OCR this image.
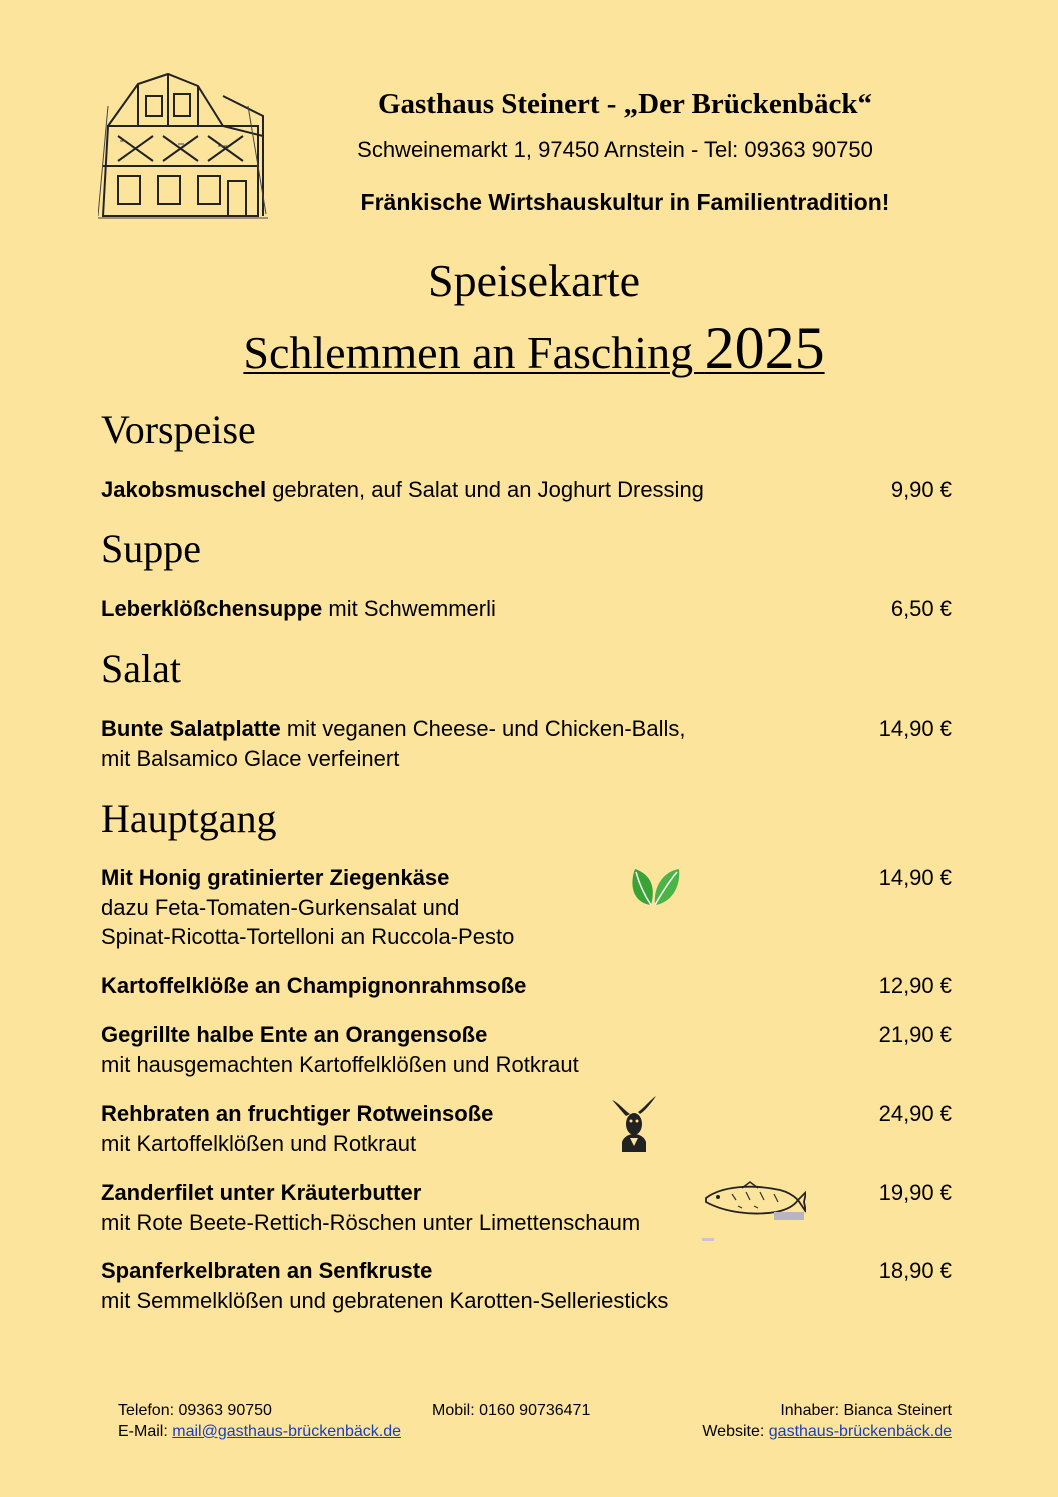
Gasthaus Steinert - „Der Brückenbäck“
Schweinemarkt 1, 97450 Arnstein - Tel: 09363 90750
Fränkische Wirtshauskultur in Familientradition!
Speisekarte
Schlemmen an Fasching 2025
Vorspeise
Jakobsmuschel gebraten, auf Salat und an Joghurt Dressing	9,90 €
Suppe
Leberklößchensuppe mit Schwemmerli	6,50 €
Salat
Bunte Salatplatte mit veganen Cheese- und Chicken-Balls,
mit Balsamico Glace verfeinert
14,90 €
Hauptgang
Mit Honig gratinierter Ziegenkäse
dazu Feta-Tomaten-Gurkensalat und
Spinat-Ricotta-Tortelloni an Ruccola-Pesto
14,90 €
Kartoffelklöße an Champignonrahmsoße	12,90 €
Gegrillte halbe Ente an Orangensoße
mit hausgemachten Kartoffelklößen und Rotkraut
21,90 €
Rehbraten an fruchtiger Rotweinsoße
mit Kartoffelklößen und Rotkraut
24,90 €
Zanderfilet unter Kräuterbutter
mit Rote Beete-Rettich-Röschen unter Limettenschaum
19,90 €
Spanferkelbraten an Senfkruste
mit Semmelklößen und gebratenen Karotten-Selleriesticks
18,90 €
Telefon: 09363 90750	Mobil: 0160 90736471	Inhaber: Bianca Steinert
E-Mail: mail@gasthaus-brückenbäck.de	Website: gasthaus-brückenbäck.de
